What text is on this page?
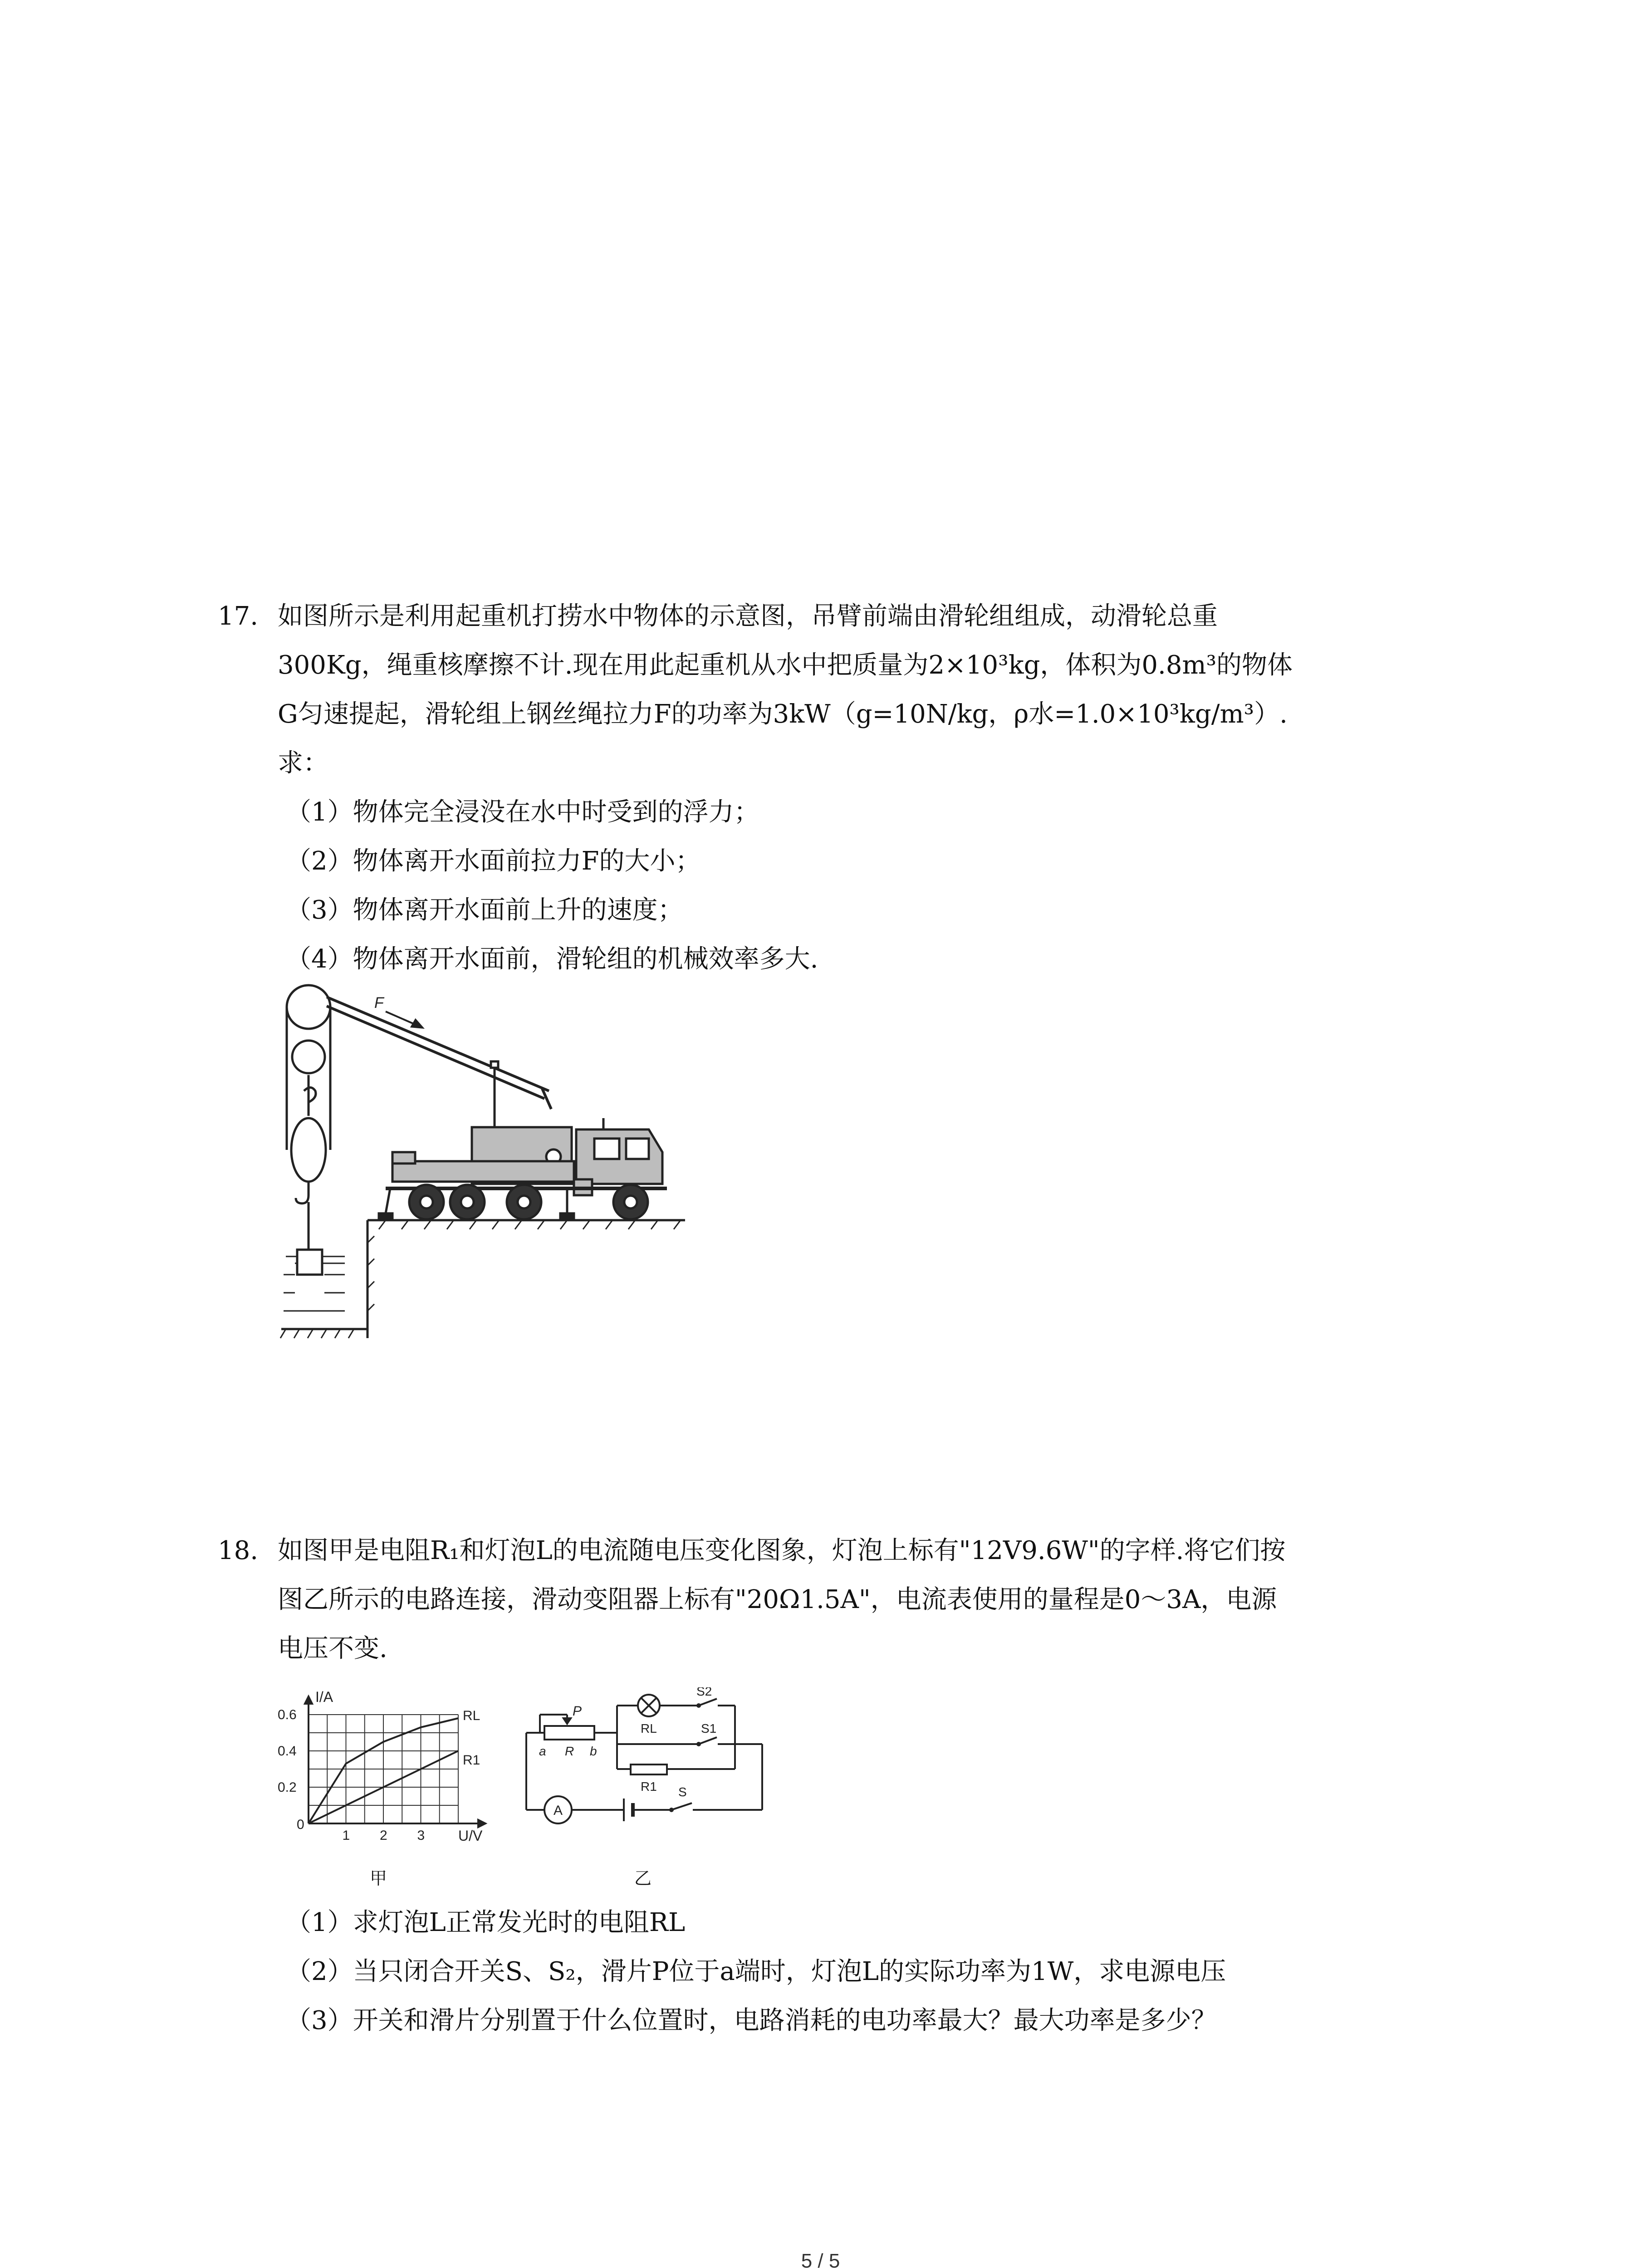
17. 如图所示是利用起重机打捞水中物体的示意图，吊臂前端由滑轮组组成，动滑轮总重
300Kg，绳重核摩擦不计.现在用此起重机从水中把质量为2×10³kg，体积为0.8m³的物体
G匀速提起，滑轮组上钢丝绳拉力F的功率为3kW（g=10N/kg，ρ水=1.0×10³kg/m³）.
求：
（1）物体完全浸没在水中时受到的浮力；
（2）物体离开水面前拉力F的大小；
（3）物体离开水面前上升的速度；
（4）物体离开水面前，滑轮组的机械效率多大.
F
18. 如图甲是电阻R₁和灯泡L的电流随电压变化图象，灯泡上标有"12V9.6W"的字样.将它们按
图乙所示的电路连接，滑动变阻器上标有"20Ω1.5A"，电流表使用的量程是0～3A，电源
电压不变.
0.6
0.4
0.2
1 2 3
I/A
U/V
0
RL
R1
甲
P
a R b
RL
R1
S2
S1
S
A
乙
（1）求灯泡L正常发光时的电阻RL
（2）当只闭合开关S、S₂，滑片P位于a端时，灯泡L的实际功率为1W，求电源电压
（3）开关和滑片分别置于什么位置时，电路消耗的电功率最大？最大功率是多少？
5 / 5
